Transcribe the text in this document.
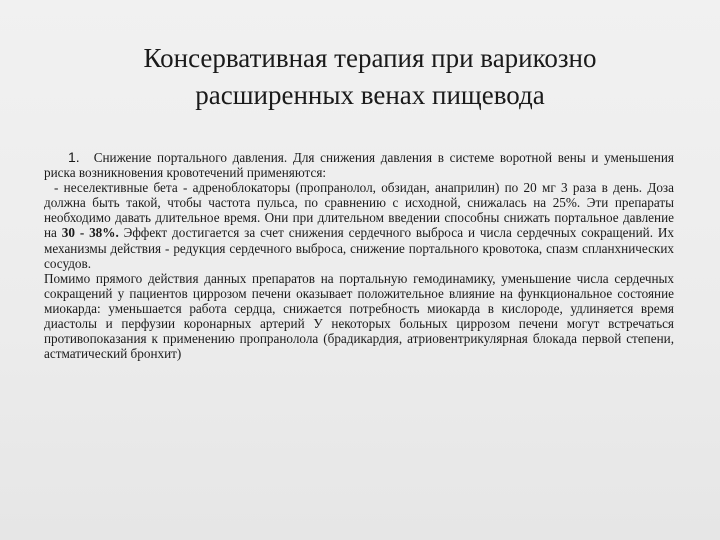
Консервативная терапия при варикозно
расширенных венах пищевода

1. Снижение портального давления. Для снижения давления в системе воротной вены и уменьшения риска возникновения кровотечений применяются:

- неселективные бета - адреноблокаторы (пропранолол, обзидан, анаприлин) по 20 мг 3 раза в день. Доза должна быть такой, чтобы частота пульса, по сравнению с исходной, снижалась на 25%. Эти препараты необходимо давать длительное время. Они при длительном введении способны снижать портальное давление на 30 - 38%. Эффект достигается за счет снижения сердечного выброса и числа сердечных сокращений. Их механизмы действия - редукция сердечного выброса, снижение портального кровотока, спазм спланхнических сосудов.

Помимо прямого действия данных препаратов на портальную гемодинамику, уменьшение числа сердечных сокращений у пациентов циррозом печени оказывает положительное влияние на функциональное состояние миокарда: уменьшается работа сердца, снижается потребность миокарда в кислороде, удлиняется время диастолы и перфузии коронарных артерий У некоторых больных циррозом печени могут встречаться противопоказания к применению пропранолола (брадикардия, атриовентрикулярная блокада первой степени, астматический бронхит)
